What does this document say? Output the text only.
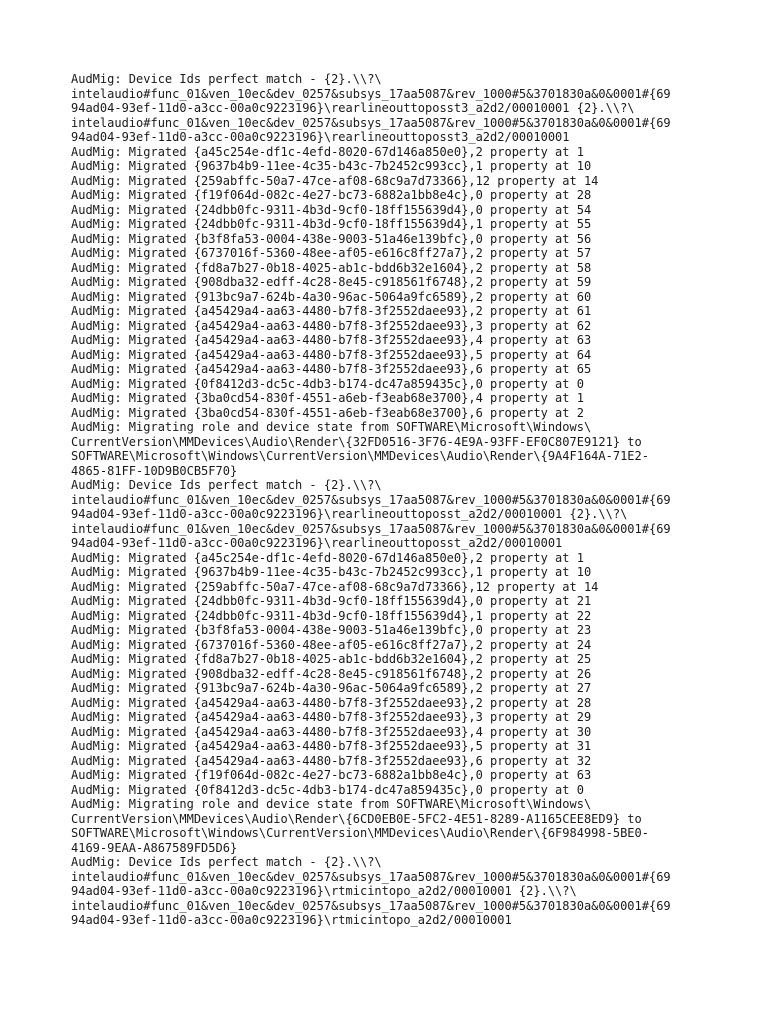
AudMig: Device Ids perfect match - {2}.\\?\
intelaudio#func_01&ven_10ec&dev_0257&subsys_17aa5087&rev_1000#5&3701830a&0&0001#{69
94ad04-93ef-11d0-a3cc-00a0c9223196}\rearlineouttoposst3_a2d2/00010001 {2}.\\?\
intelaudio#func_01&ven_10ec&dev_0257&subsys_17aa5087&rev_1000#5&3701830a&0&0001#{69
94ad04-93ef-11d0-a3cc-00a0c9223196}\rearlineouttoposst3_a2d2/00010001
AudMig: Migrated {a45c254e-df1c-4efd-8020-67d146a850e0},2 property at 1
AudMig: Migrated {9637b4b9-11ee-4c35-b43c-7b2452c993cc},1 property at 10
AudMig: Migrated {259abffc-50a7-47ce-af08-68c9a7d73366},12 property at 14
AudMig: Migrated {f19f064d-082c-4e27-bc73-6882a1bb8e4c},0 property at 28
AudMig: Migrated {24dbb0fc-9311-4b3d-9cf0-18ff155639d4},0 property at 54
AudMig: Migrated {24dbb0fc-9311-4b3d-9cf0-18ff155639d4},1 property at 55
AudMig: Migrated {b3f8fa53-0004-438e-9003-51a46e139bfc},0 property at 56
AudMig: Migrated {6737016f-5360-48ee-af05-e616c8ff27a7},2 property at 57
AudMig: Migrated {fd8a7b27-0b18-4025-ab1c-bdd6b32e1604},2 property at 58
AudMig: Migrated {908dba32-edff-4c28-8e45-c918561f6748},2 property at 59
AudMig: Migrated {913bc9a7-624b-4a30-96ac-5064a9fc6589},2 property at 60
AudMig: Migrated {a45429a4-aa63-4480-b7f8-3f2552daee93},2 property at 61
AudMig: Migrated {a45429a4-aa63-4480-b7f8-3f2552daee93},3 property at 62
AudMig: Migrated {a45429a4-aa63-4480-b7f8-3f2552daee93},4 property at 63
AudMig: Migrated {a45429a4-aa63-4480-b7f8-3f2552daee93},5 property at 64
AudMig: Migrated {a45429a4-aa63-4480-b7f8-3f2552daee93},6 property at 65
AudMig: Migrated {0f8412d3-dc5c-4db3-b174-dc47a859435c},0 property at 0
AudMig: Migrated {3ba0cd54-830f-4551-a6eb-f3eab68e3700},4 property at 1
AudMig: Migrated {3ba0cd54-830f-4551-a6eb-f3eab68e3700},6 property at 2
AudMig: Migrating role and device state from SOFTWARE\Microsoft\Windows\
CurrentVersion\MMDevices\Audio\Render\{32FD0516-3F76-4E9A-93FF-EF0C807E9121} to
SOFTWARE\Microsoft\Windows\CurrentVersion\MMDevices\Audio\Render\{9A4F164A-71E2-
4865-81FF-10D9B0CB5F70}
AudMig: Device Ids perfect match - {2}.\\?\
intelaudio#func_01&ven_10ec&dev_0257&subsys_17aa5087&rev_1000#5&3701830a&0&0001#{69
94ad04-93ef-11d0-a3cc-00a0c9223196}\rearlineouttoposst_a2d2/00010001 {2}.\\?\
intelaudio#func_01&ven_10ec&dev_0257&subsys_17aa5087&rev_1000#5&3701830a&0&0001#{69
94ad04-93ef-11d0-a3cc-00a0c9223196}\rearlineouttoposst_a2d2/00010001
AudMig: Migrated {a45c254e-df1c-4efd-8020-67d146a850e0},2 property at 1
AudMig: Migrated {9637b4b9-11ee-4c35-b43c-7b2452c993cc},1 property at 10
AudMig: Migrated {259abffc-50a7-47ce-af08-68c9a7d73366},12 property at 14
AudMig: Migrated {24dbb0fc-9311-4b3d-9cf0-18ff155639d4},0 property at 21
AudMig: Migrated {24dbb0fc-9311-4b3d-9cf0-18ff155639d4},1 property at 22
AudMig: Migrated {b3f8fa53-0004-438e-9003-51a46e139bfc},0 property at 23
AudMig: Migrated {6737016f-5360-48ee-af05-e616c8ff27a7},2 property at 24
AudMig: Migrated {fd8a7b27-0b18-4025-ab1c-bdd6b32e1604},2 property at 25
AudMig: Migrated {908dba32-edff-4c28-8e45-c918561f6748},2 property at 26
AudMig: Migrated {913bc9a7-624b-4a30-96ac-5064a9fc6589},2 property at 27
AudMig: Migrated {a45429a4-aa63-4480-b7f8-3f2552daee93},2 property at 28
AudMig: Migrated {a45429a4-aa63-4480-b7f8-3f2552daee93},3 property at 29
AudMig: Migrated {a45429a4-aa63-4480-b7f8-3f2552daee93},4 property at 30
AudMig: Migrated {a45429a4-aa63-4480-b7f8-3f2552daee93},5 property at 31
AudMig: Migrated {a45429a4-aa63-4480-b7f8-3f2552daee93},6 property at 32
AudMig: Migrated {f19f064d-082c-4e27-bc73-6882a1bb8e4c},0 property at 63
AudMig: Migrated {0f8412d3-dc5c-4db3-b174-dc47a859435c},0 property at 0
AudMig: Migrating role and device state from SOFTWARE\Microsoft\Windows\
CurrentVersion\MMDevices\Audio\Render\{6CD0EB0E-5FC2-4E51-8289-A1165CEE8ED9} to
SOFTWARE\Microsoft\Windows\CurrentVersion\MMDevices\Audio\Render\{6F984998-5BE0-
4169-9EAA-A867589FD5D6}
AudMig: Device Ids perfect match - {2}.\\?\
intelaudio#func_01&ven_10ec&dev_0257&subsys_17aa5087&rev_1000#5&3701830a&0&0001#{69
94ad04-93ef-11d0-a3cc-00a0c9223196}\rtmicintopo_a2d2/00010001 {2}.\\?\
intelaudio#func_01&ven_10ec&dev_0257&subsys_17aa5087&rev_1000#5&3701830a&0&0001#{69
94ad04-93ef-11d0-a3cc-00a0c9223196}\rtmicintopo_a2d2/00010001
